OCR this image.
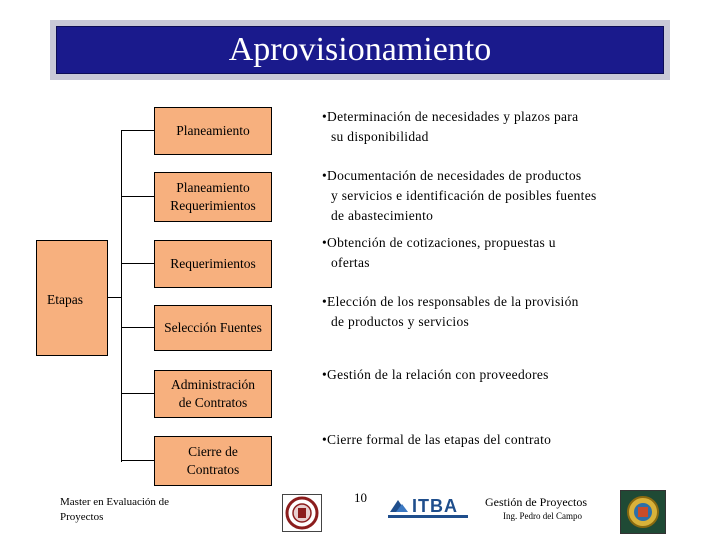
Aprovisionamiento
Etapas
Planeamiento
Planeamiento
Requerimientos
Requerimientos
Selección Fuentes
Administración
de Contratos
Cierre de
Contratos
•Determinación de necesidades y plazos para
su disponibilidad
•Documentación de necesidades de productos
y servicios e identificación de posibles fuentes
de abastecimiento
•Obtención de cotizaciones, propuestas u
ofertas
•Elección de los responsables de la provisión
de productos y servicios
•Gestión de la relación con proveedores
•Cierre formal de las etapas del contrato
Master en Evaluación de
Proyectos
10	ITBA Gestión de Proyectos
Ing. Pedro del Campo
